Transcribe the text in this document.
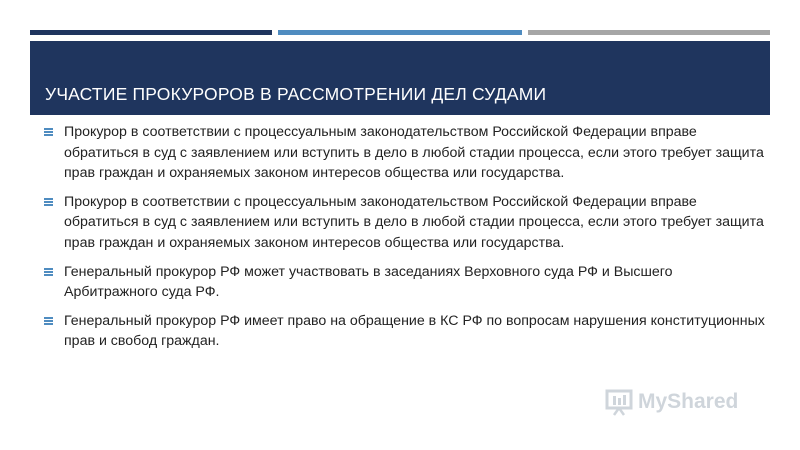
УЧАСТИЕ ПРОКУРОРОВ В РАССМОТРЕНИИ ДЕЛ СУДАМИ
Прокурор в соответствии с процессуальным законодательством Российской Федерации вправе обратиться в суд с заявлением или вступить в дело в любой стадии процесса, если этого требует защита прав граждан и охраняемых законом интересов общества или государства.
Прокурор в соответствии с процессуальным законодательством Российской Федерации вправе обратиться в суд с заявлением или вступить в дело в любой стадии процесса, если этого требует защита прав граждан и охраняемых законом интересов общества или государства.
Генеральный прокурор РФ может участвовать в заседаниях Верховного суда РФ и Высшего Арбитражного суда РФ.
Генеральный прокурор РФ имеет право на обращение в КС РФ по вопросам нарушения конституционных прав и свобод граждан.
MyShared
